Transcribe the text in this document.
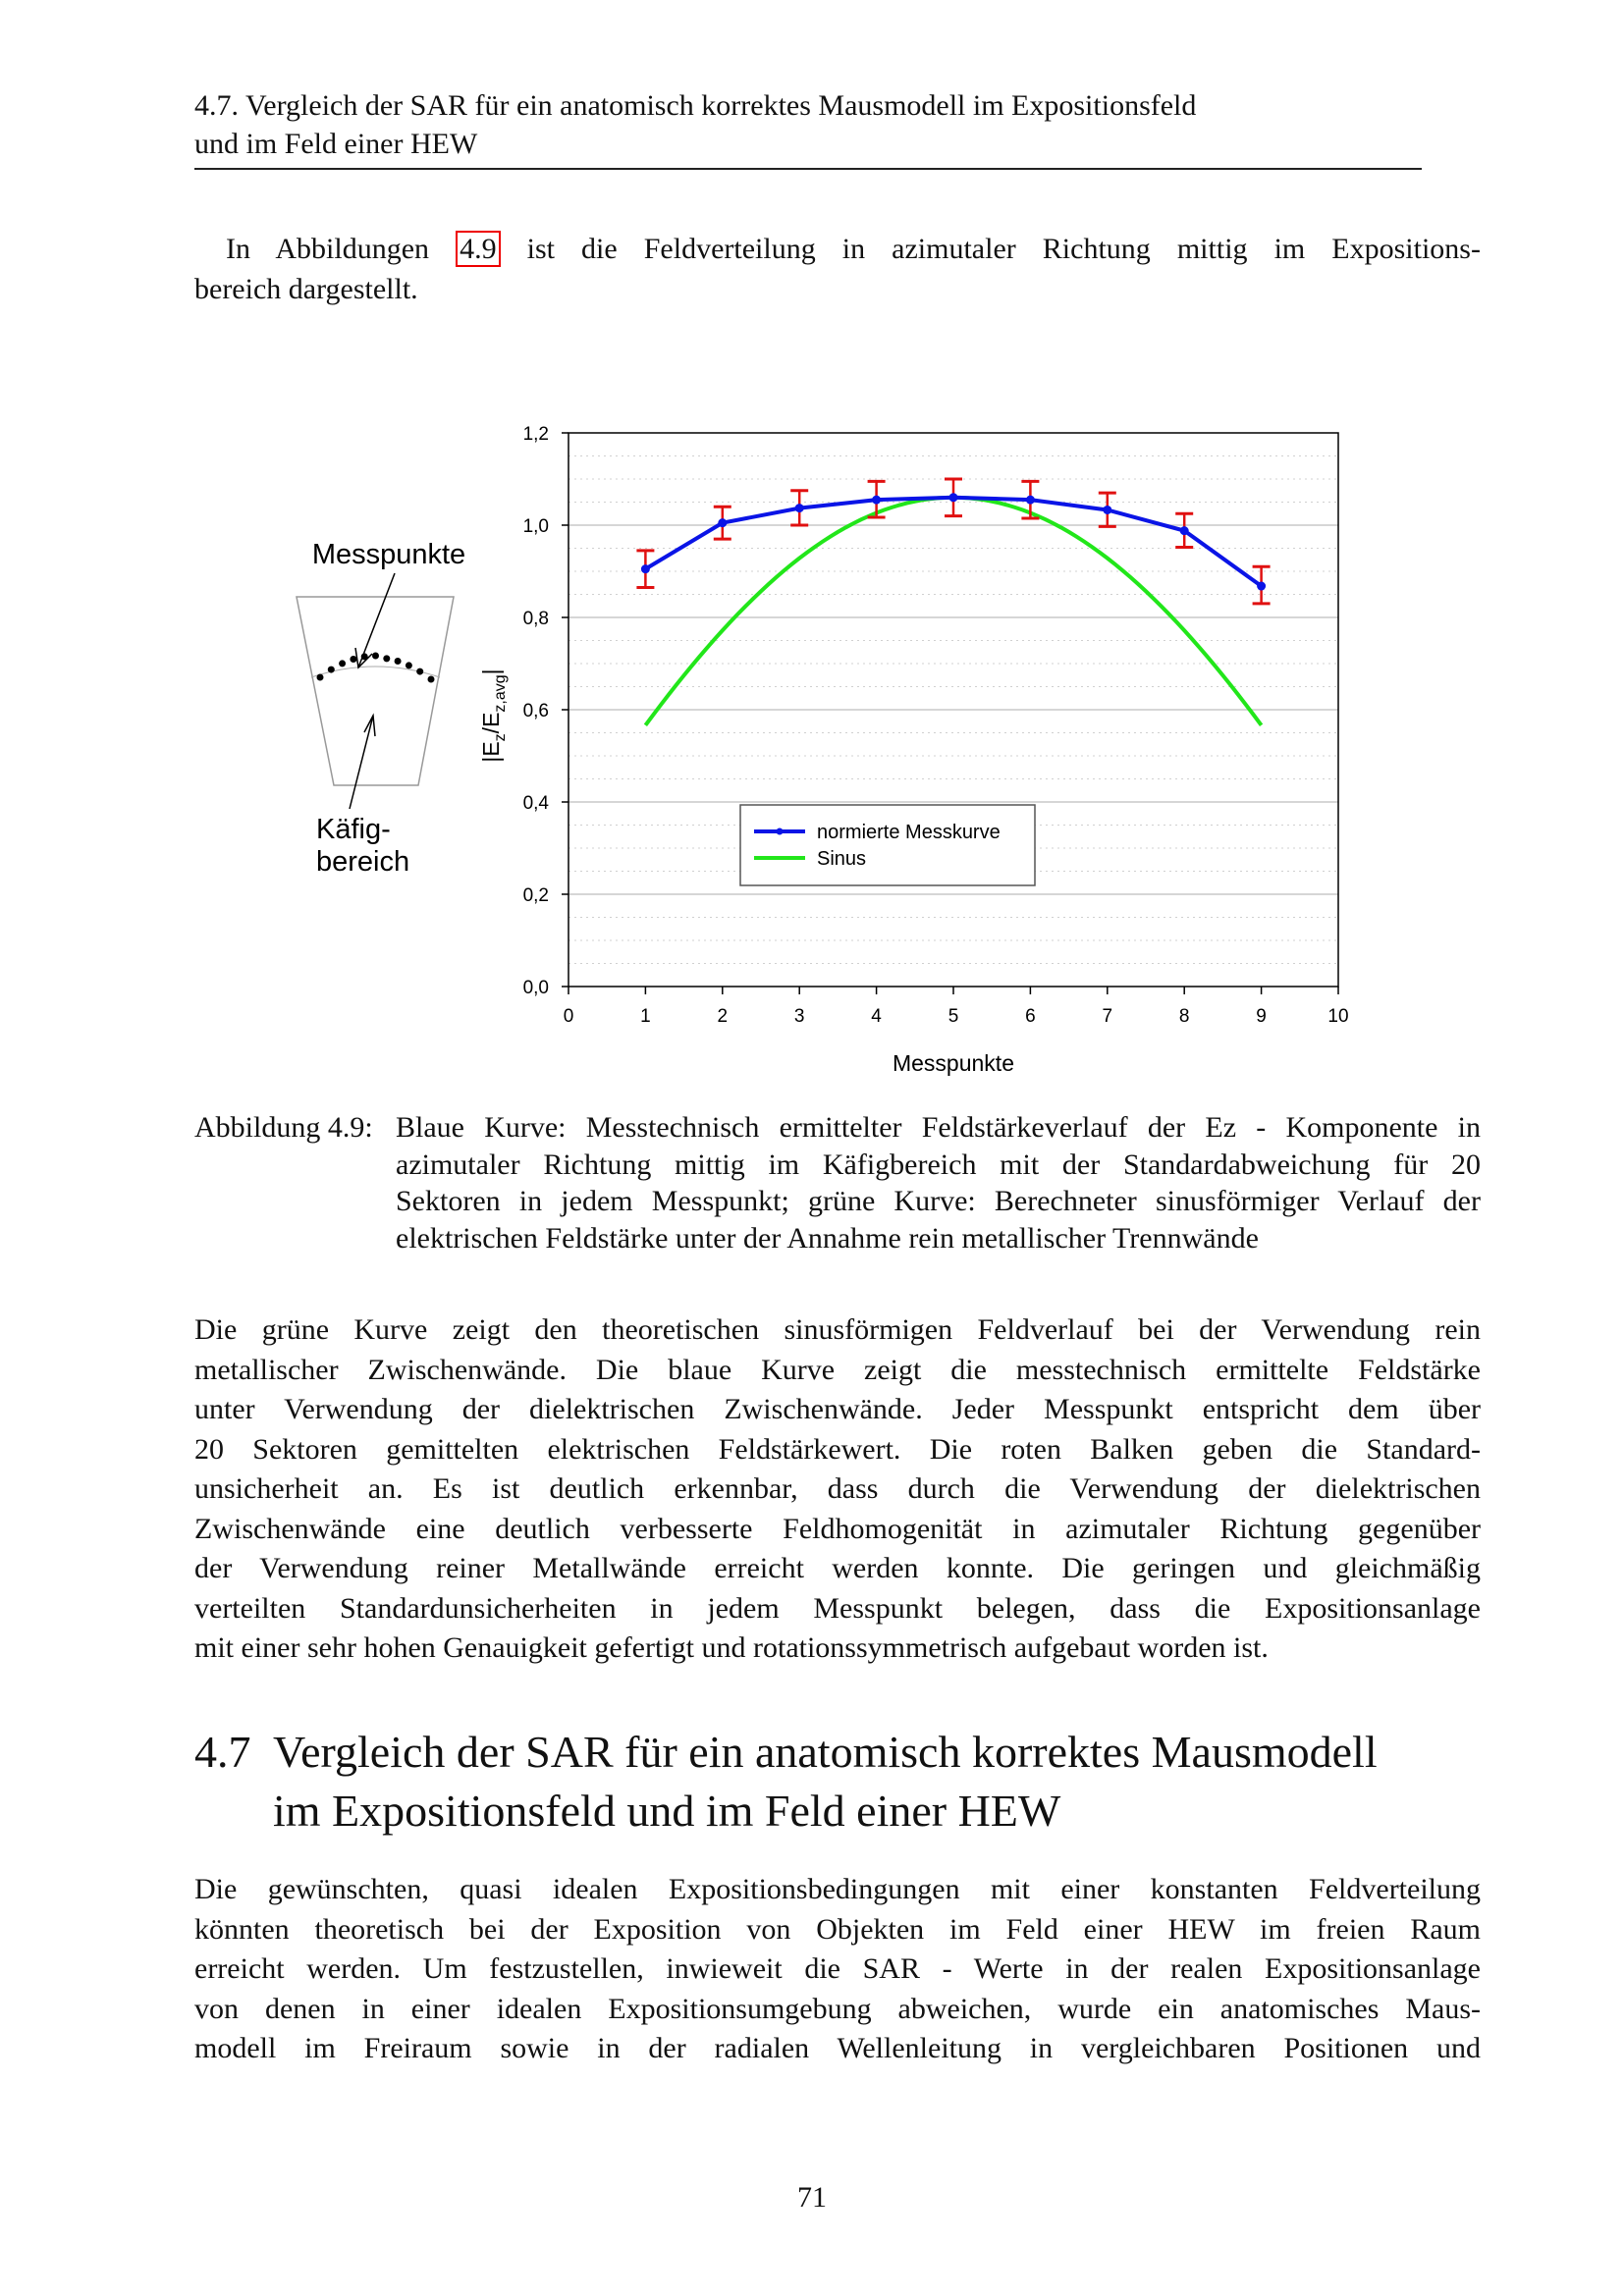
4.7. Vergleich der SAR für ein anatomisch korrektes Mausmodell im Expositionsfeld
und im Feld einer HEW
In Abbildungen 4.9 ist die Feldverteilung in azimutaler Richtung mittig im Expositions-
bereich dargestellt.
Messpunkte
Käfig-
bereich
0,0
0,2
0,4
0,6
0,8
1,0
1,2
0	1	2	3	4	5	6	7	8	9	10
normierte Messkurve
Sinus
Messpunkte
$|E_z/E_{z,avg}|$
Abbildung 4.9: Blaue Kurve: Messtechnisch ermittelter Feldstärkeverlauf der Ez - Komponente in
azimutaler Richtung mittig im Käfigbereich mit der Standardabweichung für 20
Sektoren in jedem Messpunkt; grüne Kurve: Berechneter sinusförmiger Verlauf der
elektrischen Feldstärke unter der Annahme rein metallischer Trennwände
Die grüne Kurve zeigt den theoretischen sinusförmigen Feldverlauf bei der Verwendung rein
metallischer Zwischenwände. Die blaue Kurve zeigt die messtechnisch ermittelte Feldstärke
unter Verwendung der dielektrischen Zwischenwände. Jeder Messpunkt entspricht dem über
20 Sektoren gemittelten elektrischen Feldstärkewert. Die roten Balken geben die Standard-
unsicherheit an. Es ist deutlich erkennbar, dass durch die Verwendung der dielektrischen
Zwischenwände eine deutlich verbesserte Feldhomogenität in azimutaler Richtung gegenüber
der Verwendung reiner Metallwände erreicht werden konnte. Die geringen und gleichmäßig
verteilten Standardunsicherheiten in jedem Messpunkt belegen, dass die Expositionsanlage
mit einer sehr hohen Genauigkeit gefertigt und rotationssymmetrisch aufgebaut worden ist.
4.7 Vergleich der SAR für ein anatomisch korrektes Mausmodell
im Expositionsfeld und im Feld einer HEW
Die gewünschten, quasi idealen Expositionsbedingungen mit einer konstanten Feldverteilung
könnten theoretisch bei der Exposition von Objekten im Feld einer HEW im freien Raum
erreicht werden. Um festzustellen, inwieweit die SAR - Werte in der realen Expositionsanlage
von denen in einer idealen Expositionsumgebung abweichen, wurde ein anatomisches Maus-
modell im Freiraum sowie in der radialen Wellenleitung in vergleichbaren Positionen und
71
